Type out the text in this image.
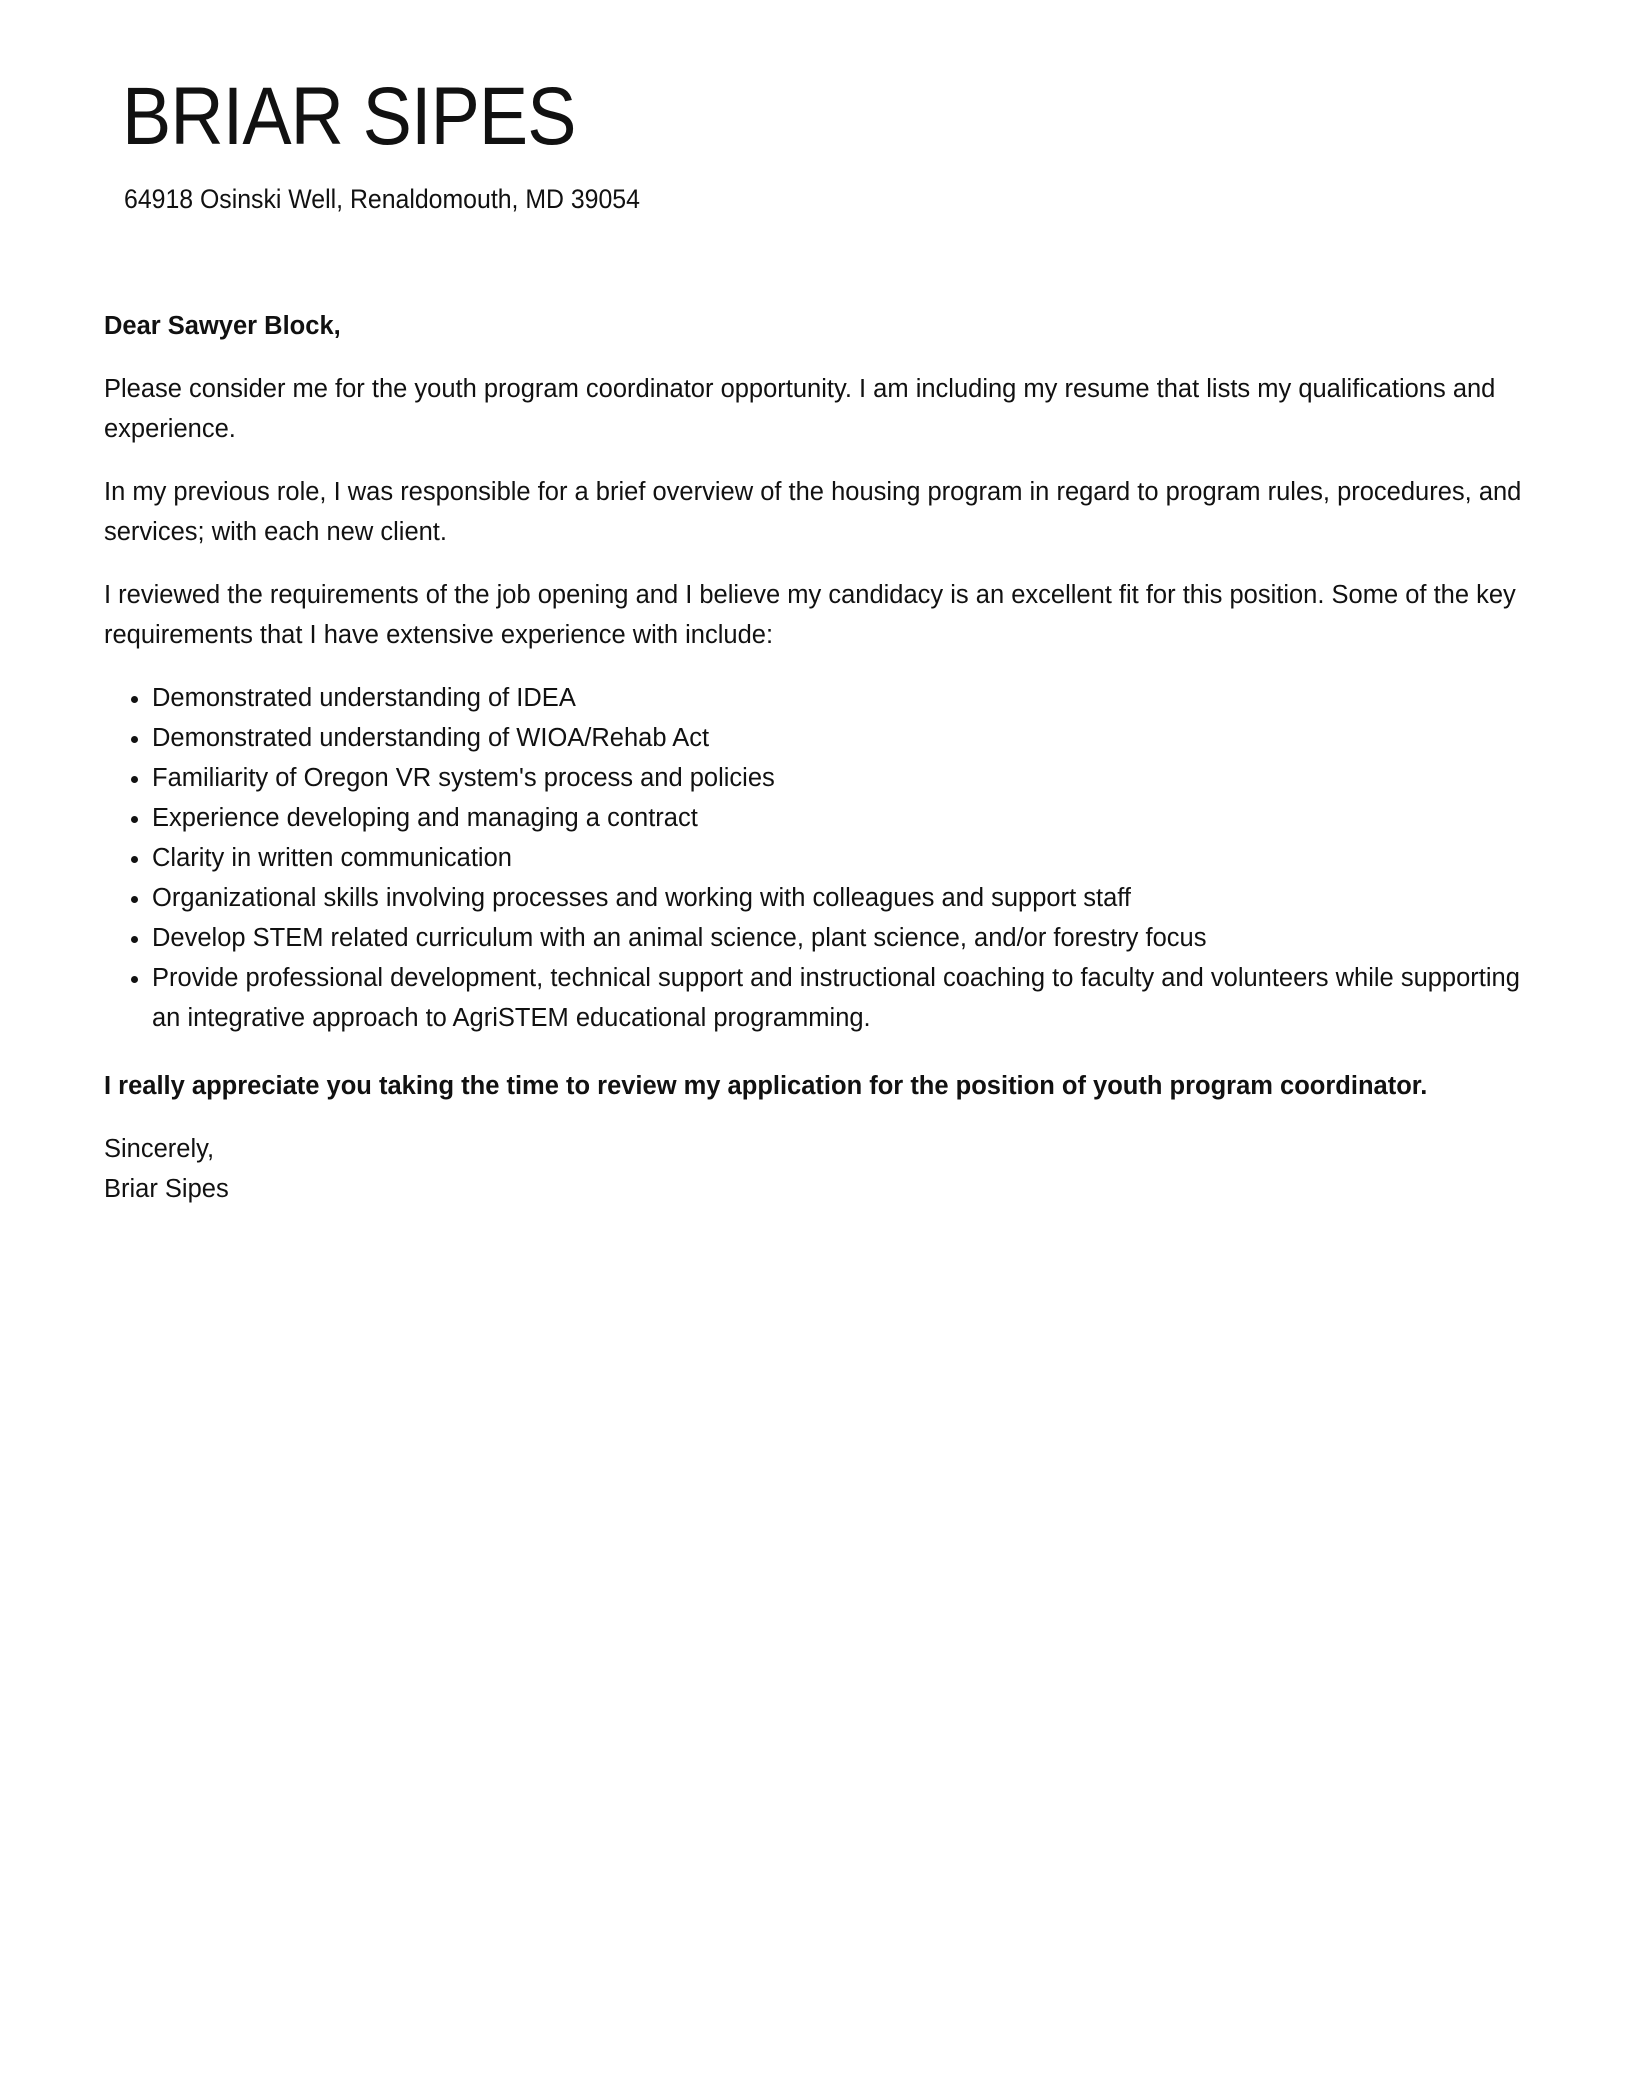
BRIAR SIPES
64918 Osinski Well, Renaldomouth, MD 39054

Dear Sawyer Block,

Please consider me for the youth program coordinator opportunity. I am including my resume that lists my qualifications and experience.

In my previous role, I was responsible for a brief overview of the housing program in regard to program rules, procedures, and services; with each new client.

I reviewed the requirements of the job opening and I believe my candidacy is an excellent fit for this position. Some of the key requirements that I have extensive experience with include:

• Demonstrated understanding of IDEA
• Demonstrated understanding of WIOA/Rehab Act
• Familiarity of Oregon VR system's process and policies
• Experience developing and managing a contract
• Clarity in written communication
• Organizational skills involving processes and working with colleagues and support staff
• Develop STEM related curriculum with an animal science, plant science, and/or forestry focus
• Provide professional development, technical support and instructional coaching to faculty and volunteers while supporting an integrative approach to AgriSTEM educational programming.

I really appreciate you taking the time to review my application for the position of youth program coordinator.

Sincerely,
Briar Sipes
